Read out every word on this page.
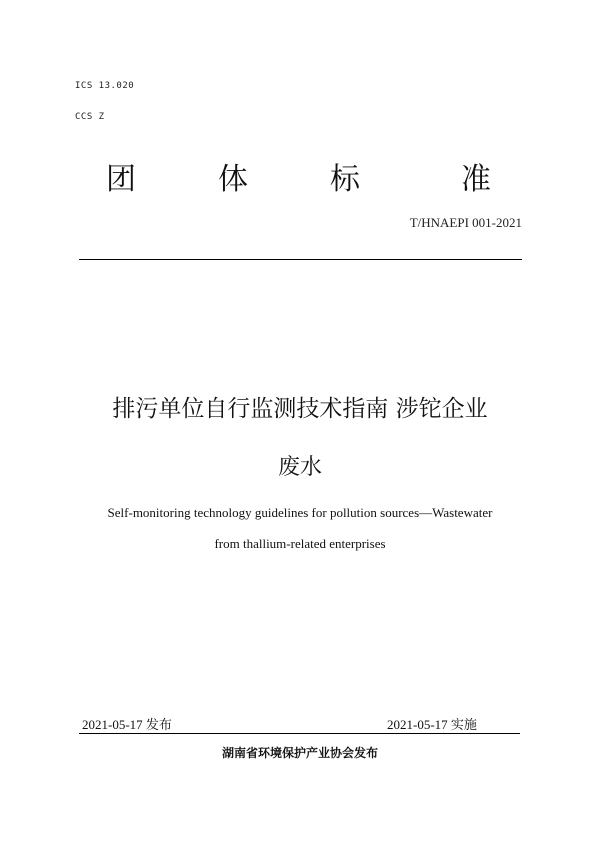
ICS 13.020
CCS Z
团	体	标	准
T/HNAEPI 001-2021
排污单位自行监测技术指南 涉铊企业
废水
Self-monitoring technology guidelines for pollution sources—Wastewater
from thallium-related enterprises
2021-05-17 发布	2021-05-17 实施
湖南省环境保护产业协会发布
